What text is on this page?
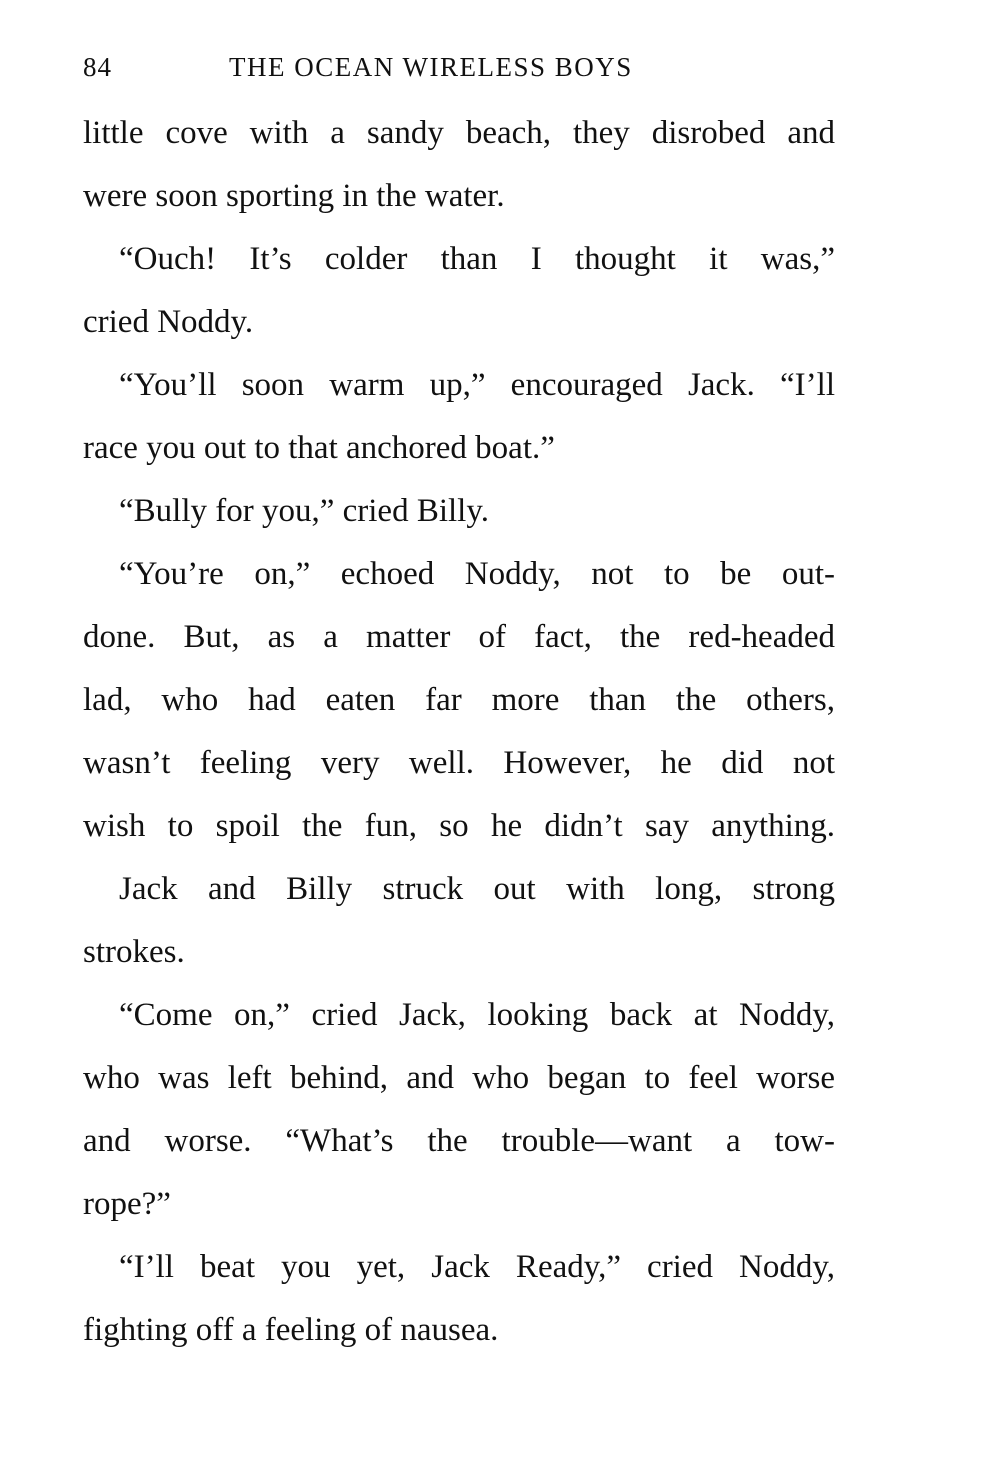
84	THE OCEAN WIRELESS BOYS
little cove with a sandy beach, they disrobed and
were soon sporting in the water.
“Ouch! It’s colder than I thought it was,”
cried Noddy.
“You’ll soon warm up,” encouraged Jack. “I’ll
race you out to that anchored boat.”
“Bully for you,” cried Billy.
“You’re on,” echoed Noddy, not to be out-
done. But, as a matter of fact, the red-headed
lad, who had eaten far more than the others,
wasn’t feeling very well. However, he did not
wish to spoil the fun, so he didn’t say anything.
Jack and Billy struck out with long, strong
strokes.
“Come on,” cried Jack, looking back at Noddy,
who was left behind, and who began to feel worse
and worse. “What’s the trouble—want a tow-
rope?”
“I’ll beat you yet, Jack Ready,” cried Noddy,
fighting off a feeling of nausea.
